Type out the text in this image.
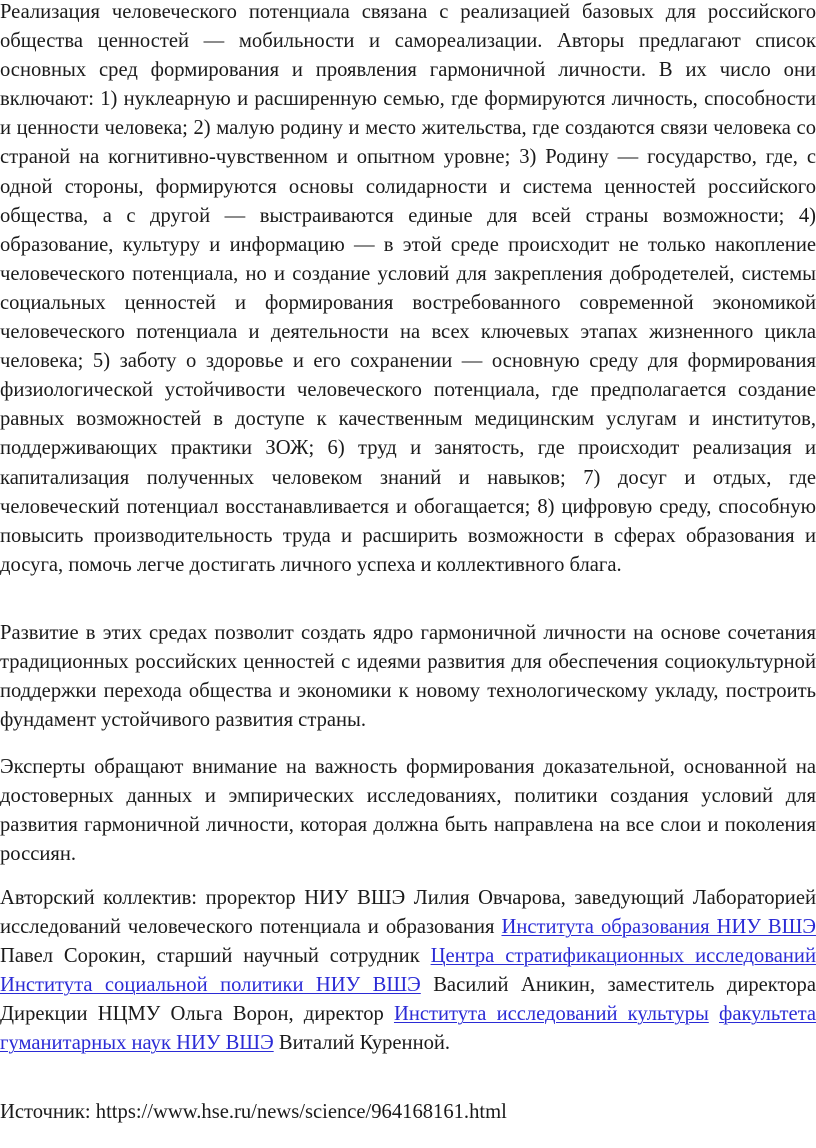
Реализация человеческого потенциала связана с реализацией базовых для российского общества ценностей — мобильности и самореализации. Авторы предлагают список основных сред формирования и проявления гармоничной личности. В их число они включают: 1) нуклеарную и расширенную семью, где формируются личность, способности и ценности человека; 2) малую родину и место жительства, где создаются связи человека со страной на когнитивно-чувственном и опытном уровне; 3) Родину — государство, где, с одной стороны, формируются основы солидарности и система ценностей российского общества, а с другой — выстраиваются единые для всей страны возможности; 4) образование, культуру и информацию — в этой среде происходит не только накопление человеческого потенциала, но и создание условий для закрепления добродетелей, системы социальных ценностей и формирования востребованного современной экономикой человеческого потенциала и деятельности на всех ключевых этапах жизненного цикла человека; 5) заботу о здоровье и его сохранении — основную среду для формирования физиологической устойчивости человеческого потенциала, где предполагается создание равных возможностей в доступе к качественным медицинским услугам и институтов, поддерживающих практики ЗОЖ; 6) труд и занятость, где происходит реализация и капитализация полученных человеком знаний и навыков; 7) досуг и отдых, где человеческий потенциал восстанавливается и обогащается; 8) цифровую среду, способную повысить производительность труда и расширить возможности в сферах образования и досуга, помочь легче достигать личного успеха и коллективного блага.

Развитие в этих средах позволит создать ядро гармоничной личности на основе сочетания традиционных российских ценностей с идеями развития для обеспечения социокультурной поддержки перехода общества и экономики к новому технологическому укладу, построить фундамент устойчивого развития страны.

Эксперты обращают внимание на важность формирования доказательной, основанной на достоверных данных и эмпирических исследованиях, политики создания условий для развития гармоничной личности, которая должна быть направлена на все слои и поколения россиян.

Авторский коллектив: проректор НИУ ВШЭ Лилия Овчарова, заведующий Лабораторией исследований человеческого потенциала и образования Института образования НИУ ВШЭ Павел Сорокин, старший научный сотрудник Центра стратификационных исследований Института социальной политики НИУ ВШЭ Василий Аникин, заместитель директора Дирекции НЦМУ Ольга Ворон, директор Института исследований культуры факультета гуманитарных наук НИУ ВШЭ Виталий Куренной.

Источник: https://www.hse.ru/news/science/964168161.html
